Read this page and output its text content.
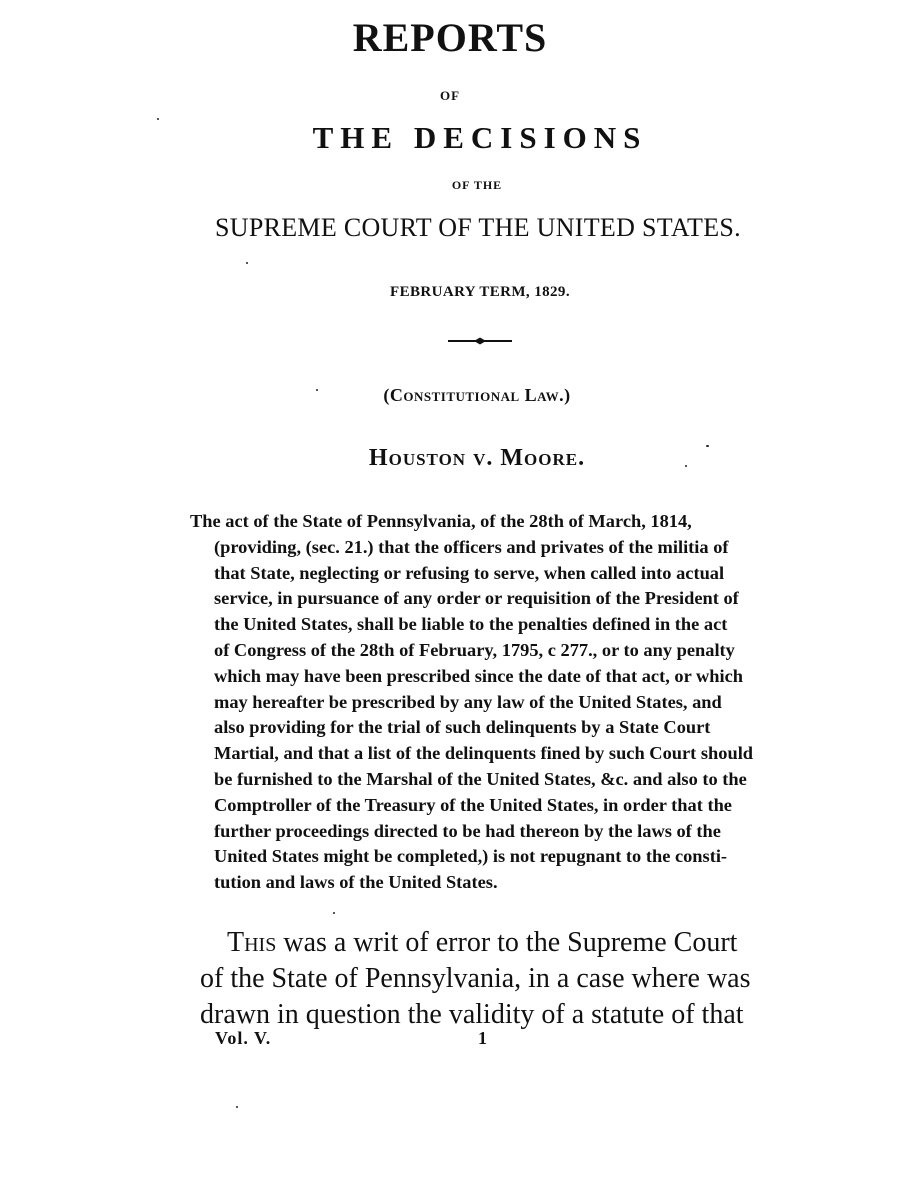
REPORTS
OF
THE DECISIONS
OF THE
SUPREME COURT OF THE UNITED STATES.
FEBRUARY TERM, 1829.
(Constitutional Law.)
Houston v. Moore.
The act of the State of Pennsylvania, of the 28th of March, 1814,
(providing, (sec. 21.) that the officers and privates of the militia of
that State, neglecting or refusing to serve, when called into actual
service, in pursuance of any order or requisition of the President of
the United States, shall be liable to the penalties defined in the act
of Congress of the 28th of February, 1795, c 277., or to any penalty
which may have been prescribed since the date of that act, or which
may hereafter be prescribed by any law of the United States, and
also providing for the trial of such delinquents by a State Court
Martial, and that a list of the delinquents fined by such Court should
be furnished to the Marshal of the United States, &c. and also to the
Comptroller of the Treasury of the United States, in order that the
further proceedings directed to be had thereon by the laws of the
United States might be completed,) is not repugnant to the consti-
tution and laws of the United States.
This was a writ of error to the Supreme Court
of the State of Pennsylvania, in a case where was
drawn in question the validity of a statute of that
Vol. V.	1
